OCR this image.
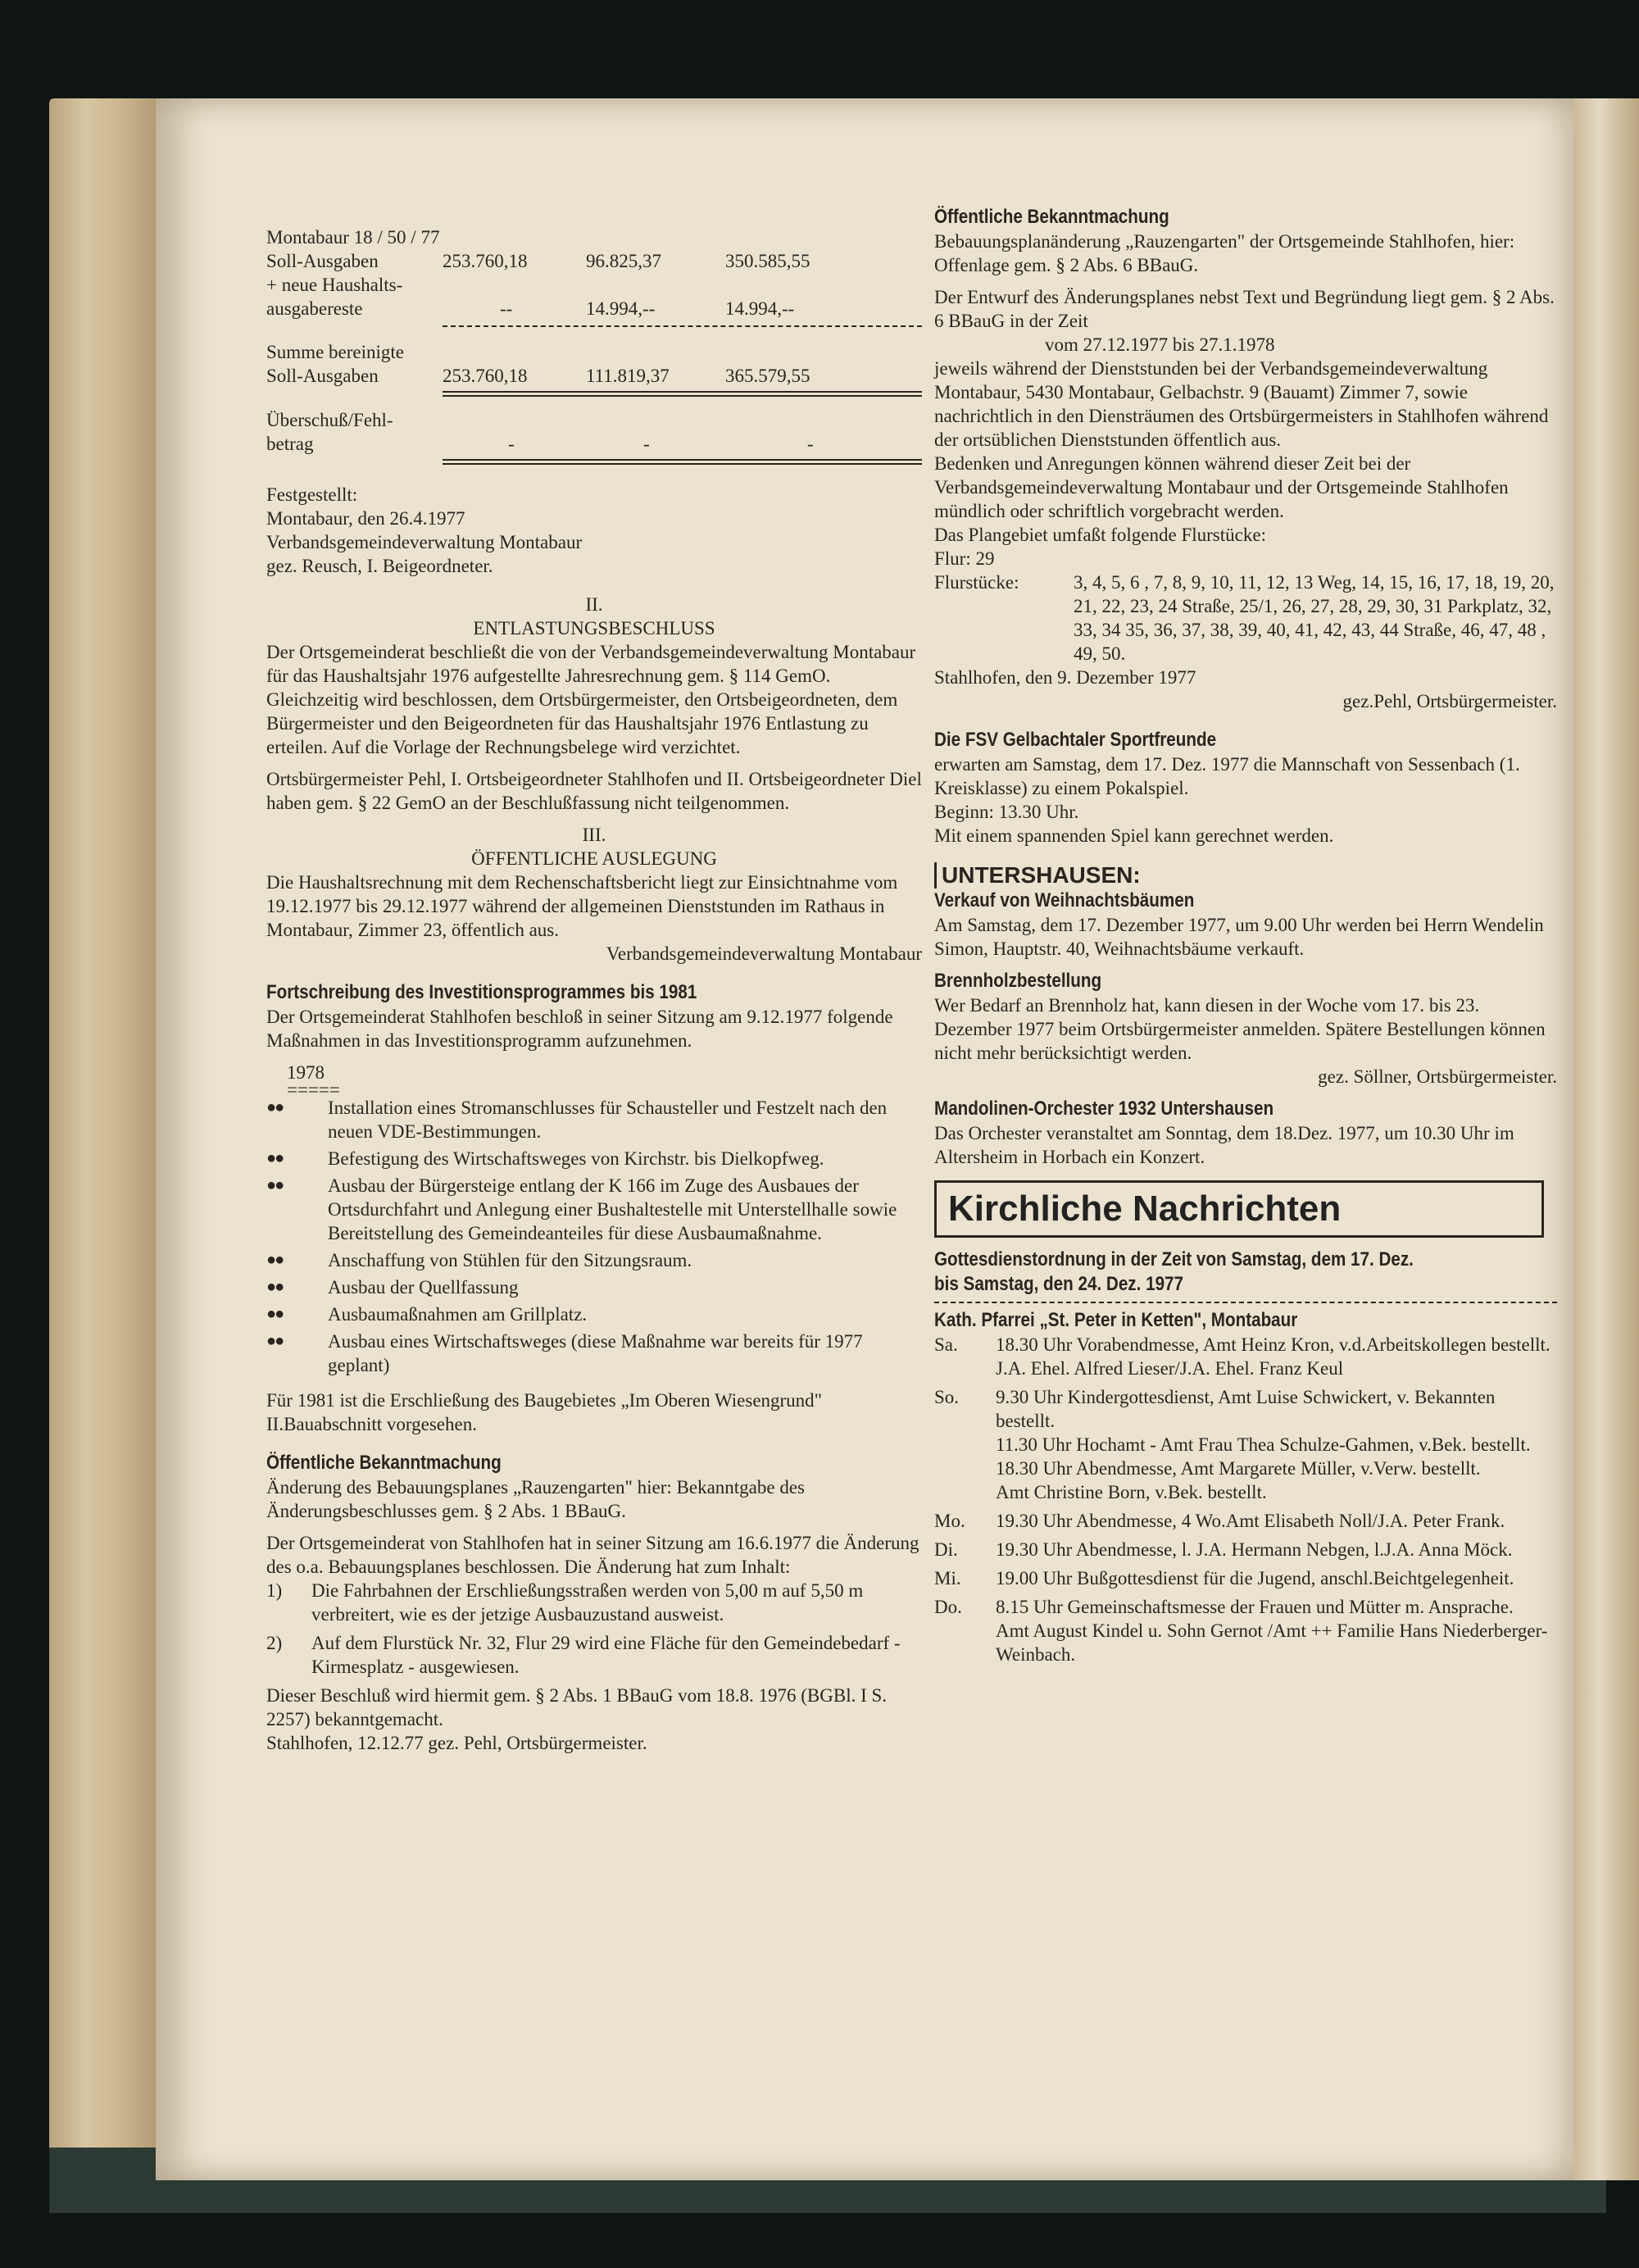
Montabaur 18 / 50 / 77

Soll-Ausgaben	253.760,18	96.825,37	350.585,55
+ neue Haushalts-
ausgabereste	--	14.994,--	14.994,--

Summe bereinigte

Soll-Ausgaben	253.760,18	111.819,37	365.579,55

Überschuß/Fehl-

betrag	-	-	-

Festgestellt:

Montabaur, den 26.4.1977

Verbandsgemeindeverwaltung Montabaur

gez. Reusch, I. Beigeordneter.

II.

ENTLASTUNGSBESCHLUSS

Der Ortsgemeinderat beschließt die von der Verbandsgemeindeverwaltung Montabaur für das Haushaltsjahr 1976 aufgestellte Jahresrechnung gem. § 114 GemO. Gleichzeitig wird beschlossen, dem Ortsbürgermeister, den Ortsbeigeordneten, dem Bürgermeister und den Beigeordneten für das Haushaltsjahr 1976 Entlastung zu erteilen. Auf die Vorlage der Rechnungsbelege wird verzichtet.

Ortsbürgermeister Pehl, I. Ortsbeigeordneter Stahlhofen und II. Ortsbeigeordneter Diel haben gem. § 22 GemO an der Beschlußfassung nicht teilgenommen.

III.

ÖFFENTLICHE AUSLEGUNG

Die Haushaltsrechnung mit dem Rechenschaftsbericht liegt zur Einsichtnahme vom 19.12.1977 bis 29.12.1977 während der allgemeinen Dienststunden im Rathaus in Montabaur, Zimmer 23, öffentlich aus.

Verbandsgemeindeverwaltung Montabaur

Fortschreibung des Investitionsprogrammes bis 1981

Der Ortsgemeinderat Stahlhofen beschloß in seiner Sitzung am 9.12.1977 folgende Maßnahmen in das Investitionsprogramm aufzunehmen.

1978

=====

●●	Installation eines Stromanschlusses für Schausteller und Festzelt nach den neuen VDE-Bestimmungen.
●●	Befestigung des Wirtschaftsweges von Kirchstr. bis Dielkopfweg.
●●	Ausbau der Bürgersteige entlang der K 166 im Zuge des Ausbaues der Ortsdurchfahrt und Anlegung einer Bushaltestelle mit Unterstellhalle sowie Bereitstellung des Gemeindeanteiles für diese Ausbaumaßnahme.
●●	Anschaffung von Stühlen für den Sitzungsraum.
●●	Ausbau der Quellfassung
●●	Ausbaumaßnahmen am Grillplatz.
●●	Ausbau eines Wirtschaftsweges (diese Maßnahme war bereits für 1977 geplant)

Für 1981 ist die Erschließung des Baugebietes „Im Oberen Wiesengrund" II.Bauabschnitt vorgesehen.

Öffentliche Bekanntmachung

Änderung des Bebauungsplanes „Rauzengarten" hier: Bekanntgabe des Änderungsbeschlusses gem. § 2 Abs. 1 BBauG.

Der Ortsgemeinderat von Stahlhofen hat in seiner Sitzung am 16.6.1977 die Änderung des o.a. Bebauungsplanes beschlossen. Die Änderung hat zum Inhalt:

1)	Die Fahrbahnen der Erschließungsstraßen werden von 5,00 m auf 5,50 m verbreitert, wie es der jetzige Ausbauzustand ausweist.
2)	Auf dem Flurstück Nr. 32, Flur 29 wird eine Fläche für den Gemeindebedarf - Kirmesplatz - ausgewiesen.

Dieser Beschluß wird hiermit gem. § 2 Abs. 1 BBauG vom 18.8. 1976 (BGBl. I S. 2257) bekanntgemacht.

Stahlhofen, 12.12.77 gez. Pehl, Ortsbürgermeister.

Öffentliche Bekanntmachung

Bebauungsplanänderung „Rauzengarten" der Ortsgemeinde Stahlhofen, hier: Offenlage gem. § 2 Abs. 6 BBauG.

Der Entwurf des Änderungsplanes nebst Text und Begründung liegt gem. § 2 Abs. 6 BBauG in der Zeit

vom 27.12.1977 bis 27.1.1978

jeweils während der Dienststunden bei der Verbandsgemeindeverwaltung Montabaur, 5430 Montabaur, Gelbachstr. 9 (Bauamt) Zimmer 7, sowie nachrichtlich in den Diensträumen des Ortsbürgermeisters in Stahlhofen während der ortsüblichen Dienststunden öffentlich aus.

Bedenken und Anregungen können während dieser Zeit bei der Verbandsgemeindeverwaltung Montabaur und der Ortsgemeinde Stahlhofen mündlich oder schriftlich vorgebracht werden.

Das Plangebiet umfaßt folgende Flurstücke:

Flur: 29

Flurstücke:	3, 4, 5, 6 , 7, 8, 9, 10, 11, 12, 13 Weg, 14, 15, 16, 17, 18, 19, 20, 21, 22, 23, 24 Straße, 25/1, 26, 27, 28, 29, 30, 31 Parkplatz, 32, 33, 34 35, 36, 37, 38, 39, 40, 41, 42, 43, 44 Straße, 46, 47, 48 , 49, 50.

Stahlhofen, den 9. Dezember 1977

gez.Pehl, Ortsbürgermeister.

Die FSV Gelbachtaler Sportfreunde

erwarten am Samstag, dem 17. Dez. 1977 die Mannschaft von Sessenbach (1. Kreisklasse) zu einem Pokalspiel.

Beginn: 13.30 Uhr.

Mit einem spannenden Spiel kann gerechnet werden.

UNTERSHAUSEN:

Verkauf von Weihnachtsbäumen

Am Samstag, dem 17. Dezember 1977, um 9.00 Uhr werden bei Herrn Wendelin Simon, Hauptstr. 40, Weihnachtsbäume verkauft.

Brennholzbestellung

Wer Bedarf an Brennholz hat, kann diesen in der Woche vom 17. bis 23. Dezember 1977 beim Ortsbürgermeister anmelden. Spätere Bestellungen können nicht mehr berücksichtigt werden.

gez. Söllner, Ortsbürgermeister.

Mandolinen-Orchester 1932 Untershausen

Das Orchester veranstaltet am Sonntag, dem 18.Dez. 1977, um 10.30 Uhr im Altersheim in Horbach ein Konzert.

Kirchliche Nachrichten

Gottesdienstordnung in der Zeit von Samstag, dem 17. Dez.

bis Samstag, den 24. Dez. 1977

Kath. Pfarrei „St. Peter in Ketten", Montabaur

Sa.	18.30 Uhr Vorabendmesse, Amt Heinz Kron, v.d.Arbeitskollegen bestellt.

J.A. Ehel. Alfred Lieser/J.A. Ehel. Franz Keul

So.	9.30 Uhr Kindergottesdienst, Amt Luise Schwickert, v. Bekannten bestellt.

11.30 Uhr Hochamt - Amt Frau Thea Schulze-Gahmen, v.Bek. bestellt.

18.30 Uhr Abendmesse, Amt Margarete Müller, v.Verw. bestellt.

Amt Christine Born, v.Bek. bestellt.

Mo.	19.30 Uhr Abendmesse, 4 Wo.Amt Elisabeth Noll/J.A. Peter Frank.

Di.	19.30 Uhr Abendmesse, l. J.A. Hermann Nebgen, l.J.A. Anna Möck.

Mi.	19.00 Uhr Bußgottesdienst für die Jugend, anschl.Beichtgelegenheit.

Do.	8.15 Uhr Gemeinschaftsmesse der Frauen und Mütter m. Ansprache.

Amt August Kindel u. Sohn Gernot /Amt ++ Familie Hans Niederberger-Weinbach.
